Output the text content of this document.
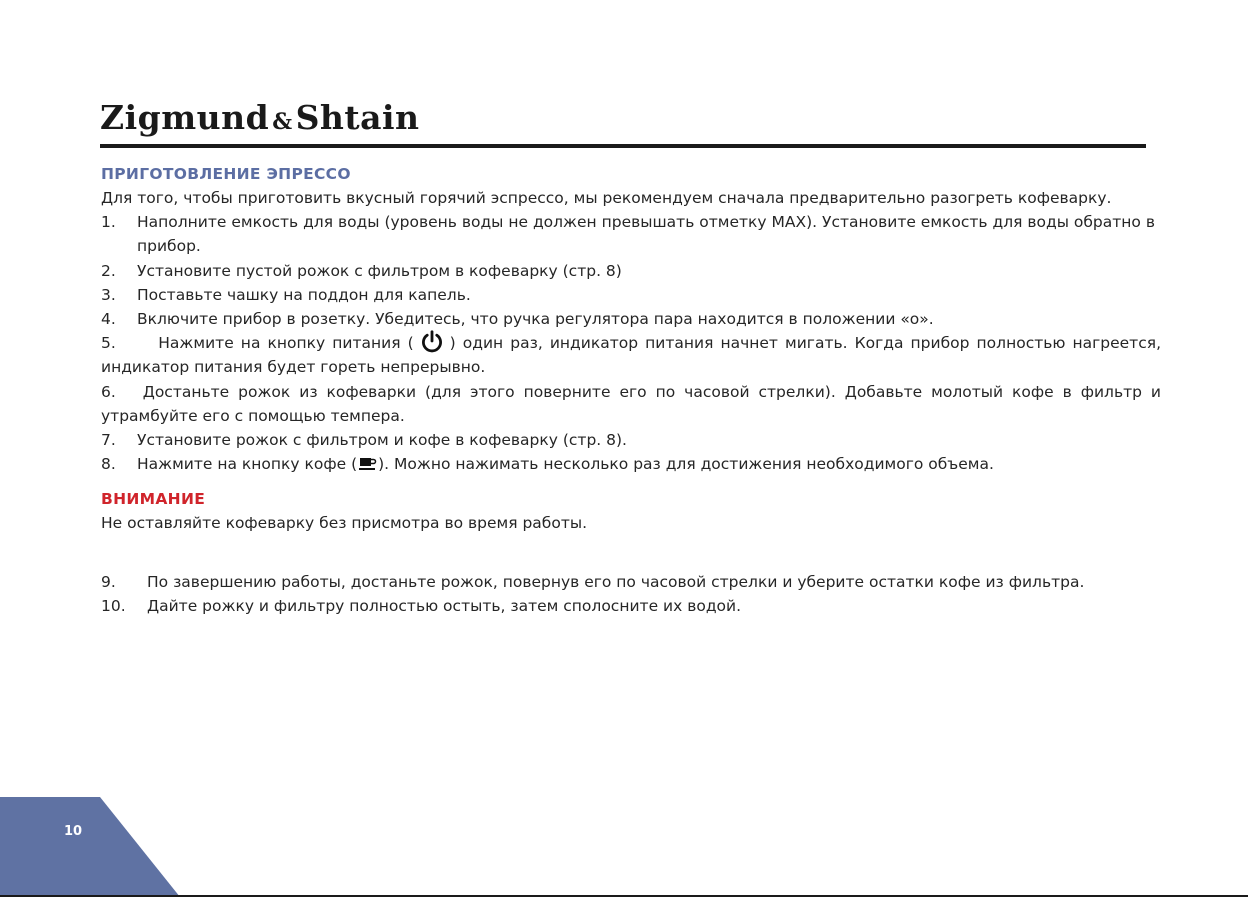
Zigmund &Shtain
ПРИГОТОВЛЕНИЕ ЭПРЕССО

Для того, чтобы приготовить вкусный горячий эспрессо, мы рекомендуем сначала предварительно разогреть кофеварку.

1. Наполните емкость для воды (уровень воды не должен превышать отметку MAX). Установите емкость для воды обратно в прибор.

2. Установите пустой рожок с фильтром в кофеварку (стр. 8)

3. Поставьте чашку на поддон для капель.

4. Включите прибор в розетку. Убедитесь, что ручка регулятора пара находится в положении «о».

5.	Нажмите на кнопку питания ( ) один раз, индикатор питания начнет мигать. Когда прибор полностью нагреется, индикатор питания будет гореть непрерывно.

6. Достаньте рожок из кофеварки (для этого поверните его по часовой стрелки). Добавьте молотый кофе в фильтр и утрамбуйте его с помощью темпера.

7. Установите рожок с фильтром и кофе в кофеварку (стр. 8).

8. Нажмите на кнопку кофе ( ). Можно нажимать несколько раз для достижения необходимого объема.

ВНИМАНИЕ

Не оставляйте кофеварку без присмотра во время работы.

9. По завершению работы, достаньте рожок, повернув его по часовой стрелки и уберите остатки кофе из фильтра.

10. Дайте рожку и фильтру полностью остыть, затем сполосните их водой.

10
